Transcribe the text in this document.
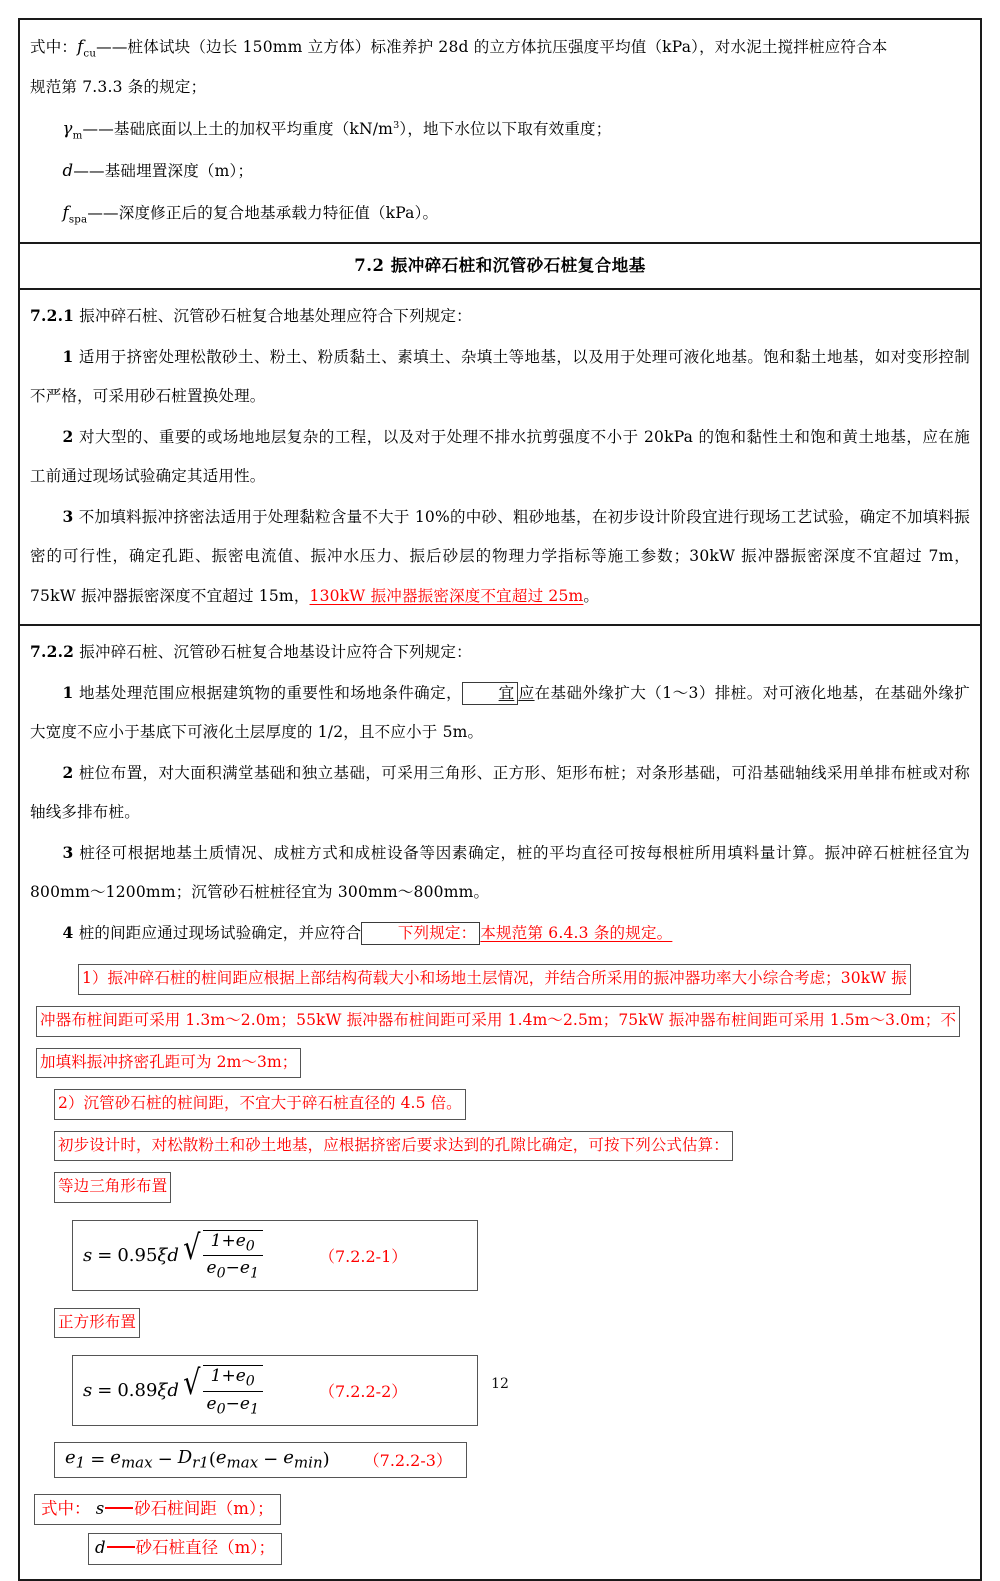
式中：$f_{cu}——$桩体试块（边长 150mm 立方体）标准养护 28d 的立方体抗压强度平均值（kPa），对水泥土搅拌桩应符合本
规范第 7.3.3 条的规定；
$\gamma_m——$基础底面以上土的加权平均重度$(kN/m^3)$，地下水位以下取有效重度；
d——基础埋置深度（m）；
$f_{spa}——$深度修正后的复合地基承载力特征值（kPa）。

7.2 振冲碎石桩和沉管砂石桩复合地基

7.2.1 振冲碎石桩、沉管砂石桩复合地基处理应符合下列规定：
1 适用于挤密处理松散砂土、粉土、粉质黏土、素填土、杂填土等地基，以及用于处理可液化地基。饱和黏土地基，如对变形控制不严格，可采用砂石桩置换处理。
2 对大型的、重要的或场地地层复杂的工程，以及对于处理不排水抗剪强度不小于 20kPa 的饱和黏性土和饱和黄土地基，应在施工前通过现场试验确定其适用性。
3 不加填料振冲挤密法适用于处理黏粒含量不大于 10%的中砂、粗砂地基，在初步设计阶段宜进行现场工艺试验，确定不加填料振密的可行性，确定孔距、振密电流值、振冲水压力、振后砂层的物理力学指标等施工参数；30kW 振冲器振密深度不宜超过 7m，75kW 振冲器振密深度不宜超过 15m，130kW 振冲器振密深度不宜超过 25m。

7.2.2 振冲碎石桩、沉管砂石桩复合地基设计应符合下列规定：
1 地基处理范围应根据建筑物的重要性和场地条件确定， 宜 应在基础外缘扩大（1～3）排桩。对可液化地基，在基础外缘扩大宽度不应小于基底下可液化土层厚度的 1/2，且不应小于 5m。
2 桩位布置，对大面积满堂基础和独立基础，可采用三角形、正方形、矩形布桩；对条形基础，可沿基础轴线采用单排布桩或对称轴线多排布桩。
3 桩径可根据地基土质情况、成桩方式和成桩设备等因素确定，桩的平均直径可按每根桩所用填料量计算。振冲碎石桩桩径宜为 800mm～1200mm；沉管砂石桩桩径宜为 300mm～800mm。
4 桩的间距应通过现场试验确定，并应符合 下列规定： 本规范第 6.4.3 条的规定。
1）振冲碎石桩的桩间距应根据上部结构荷载大小和场地土层情况，并结合所采用的振冲器功率大小综合考虑；30kW 振
冲器布桩间距可采用 1.3m～2.0m；55kW 振冲器布桩间距可采用 1.4m～2.5m；75kW 振冲器布桩间距可采用 1.5m～3.0m；不
加填料振冲挤密孔距可为 2m～3m；
2）沉管砂石桩的桩间距，不宜大于碎石桩直径的 4.5 倍。
初步设计时，对松散粉土和砂土地基，应根据挤密后要求达到的孔隙比确定，可按下列公式估算：
等边三角形布置
s = 0.95 ξ d √ $\frac{1+e_0}{e_0-e_1}$	（7.2.2-1）
正方形布置
s = 0.89 ξ d √ $\frac{1+e_0}{e_0-e_1}$	（7.2.2-2）
$e_1 = e_{max} - D_{r1}$ ( $e_{max} - e_{min}$ ) （7.2.2-3）
式中： s 砂石桩间距（m）；
d 砂石桩直径（m）；
12
